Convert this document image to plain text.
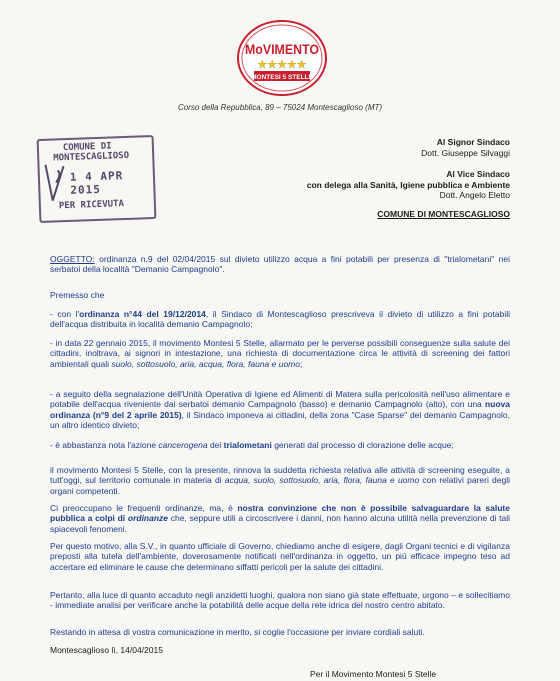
MoVIMENTO
★★★★★
MONTESI 5 STELLE
Corso della Repubblica, 89 – 75024 Montescaglioso (MT)
COMUNE DI
MONTESCAGLIOSO
1 4 APR 2015
PER RICEVUTA
Al Signor Sindaco
Dott. Giuseppe Silvaggi
Al Vice Sindaco
con delega alla Sanità, Igiene pubblica e Ambiente
Dott. Angelo Eletto
COMUNE DI MONTESCAGLIOSO

OGGETTO: ordinanza n.9 del 02/04/2015 sul divieto utilizzo acqua a fini potabili per presenza di "trialometani" nei serbatoi della località "Demanio Campagnolo".

Premesso che

- con l'ordinanza n°44 del 19/12/2014, il Sindaco di Montescaglioso prescriveva il divieto di utilizzo a fini potabili dell'acqua distribuita in località demanio Campagnolo;

- in data 22 gennaio 2015, il movimento Montesi 5 Stelle, allarmato per le perverse possibili conseguenze sulla salute dei cittadini, inoltrava, ai signori in intestazione, una richiesta di documentazione circa le attività di screening dei fattori ambientali quali suolo, sottosuolo, aria, acqua, flora, fauna e uomo;

- a seguito della segnalazione dell'Unità Operativa di Igiene ed Alimenti di Matera sulla pericolosità nell'uso alimentare e potabile dell'acqua riveniente dai serbatoi demanio Campagnolo (basso) e demanio Campagnolo (alto), con una nuova ordinanza (n°9 del 2 aprile 2015), il Sindaco imponeva ai cittadini, della zona "Case Sparse" del demanio Campagnolo, un altro identico divieto;

- è abbastanza nota l'azione cancerogena dei trialometani generati dal processo di clorazione delle acque;

il movimento Montesi 5 Stelle, con la presente, rinnova la suddetta richiesta relativa alle attività di screening eseguite, a tutt'oggi, sul territorio comunale in materia di acqua, suolo, sottosuolo, aria, flora, fauna e uomo con relativi pareri degli organi competenti.

Ci preoccupano le frequenti ordinanze, ma, è nostra convinzione che non è possibile salvaguardare la salute pubblica a colpi di ordinanze che, seppure utili a circoscrivere i danni, non hanno alcuna utilità nella prevenzione di tali spiacevoli fenomeni.

Per questo motivo, alla S.V., in quanto ufficiale di Governo, chiediamo anche di esigere, dagli Organi tecnici e di vigilanza preposti alla tutela dell'ambiente, doverosamente notificati nell'ordinanza in oggetto, un più efficace impegno teso ad accertare ed eliminare le cause che determinano siffatti pericoli per la salute dei cittadini.

Pertanto, alla luce di quanto accaduto negli anzidetti luoghi, qualora non siano già state effettuate, urgono – e sollecitiamo - immediate analisi per verificare anche la potabilità delle acque della rete idrica del nostro centro abitato.

Restando in attesa di vostra comunicazione in merito, si coglie l'occasione per inviare cordiali saluti.

Montescaglioso lì, 14/04/2015

Per il Movimento Montesi 5 Stelle
